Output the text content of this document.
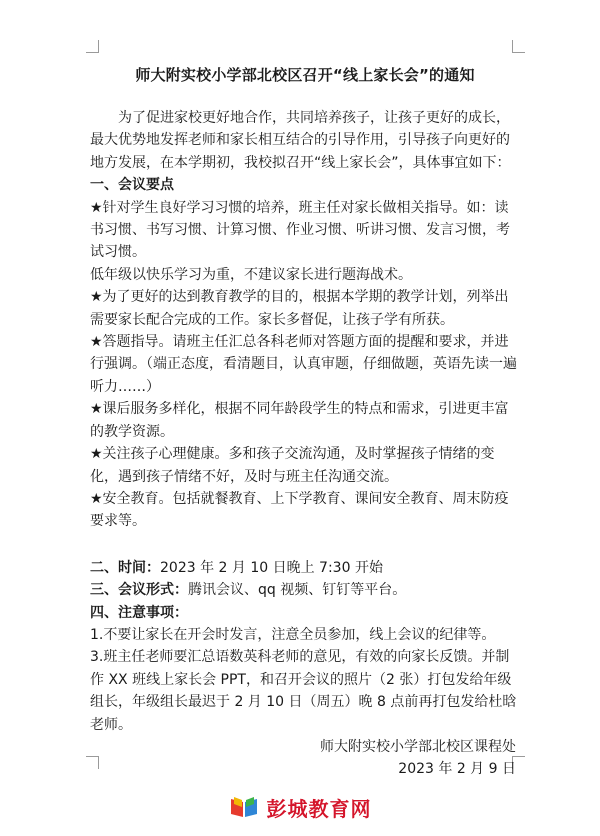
师大附实校小学部北校区召开“线上家长会”的通知

为了促进家校更好地合作，共同培养孩子，让孩子更好的成长，最大优势地发挥老师和家长相互结合的引导作用，引导孩子向更好的地方发展，在本学期初，我校拟召开“线上家长会”，具体事宜如下：

一、会议要点

★针对学生良好学习习惯的培养，班主任对家长做相关指导。如：读书习惯、书写习惯、计算习惯、作业习惯、听讲习惯、发言习惯，考试习惯。

低年级以快乐学习为重，不建议家长进行题海战术。

★为了更好的达到教育教学的目的，根据本学期的教学计划，列举出需要家长配合完成的工作。家长多督促，让孩子学有所获。

★答题指导。请班主任汇总各科老师对答题方面的提醒和要求，并进行强调。（端正态度，看清题目，认真审题，仔细做题，英语先读一遍听力……）

★课后服务多样化，根据不同年龄段学生的特点和需求，引进更丰富的教学资源。

★关注孩子心理健康。多和孩子交流沟通，及时掌握孩子情绪的变化，遇到孩子情绪不好，及时与班主任沟通交流。

★安全教育。包括就餐教育、上下学教育、课间安全教育、周末防疫要求等。

二、时间：2023 年 2 月 10 日晚上 7:30 开始

三、会议形式：腾讯会议、qq 视频、钉钉等平台。

四、注意事项：

1.不要让家长在开会时发言，注意全员参加，线上会议的纪律等。

3.班主任老师要汇总语数英科老师的意见，有效的向家长反馈。并制作 XX 班线上家长会 PPT，和召开会议的照片（2 张）打包发给年级组长，年级组长最迟于 2 月 10 日（周五）晚 8 点前再打包发给杜晗老师。

师大附实校小学部北校区课程处

2023 年 2 月 9 日

彭城教育网
